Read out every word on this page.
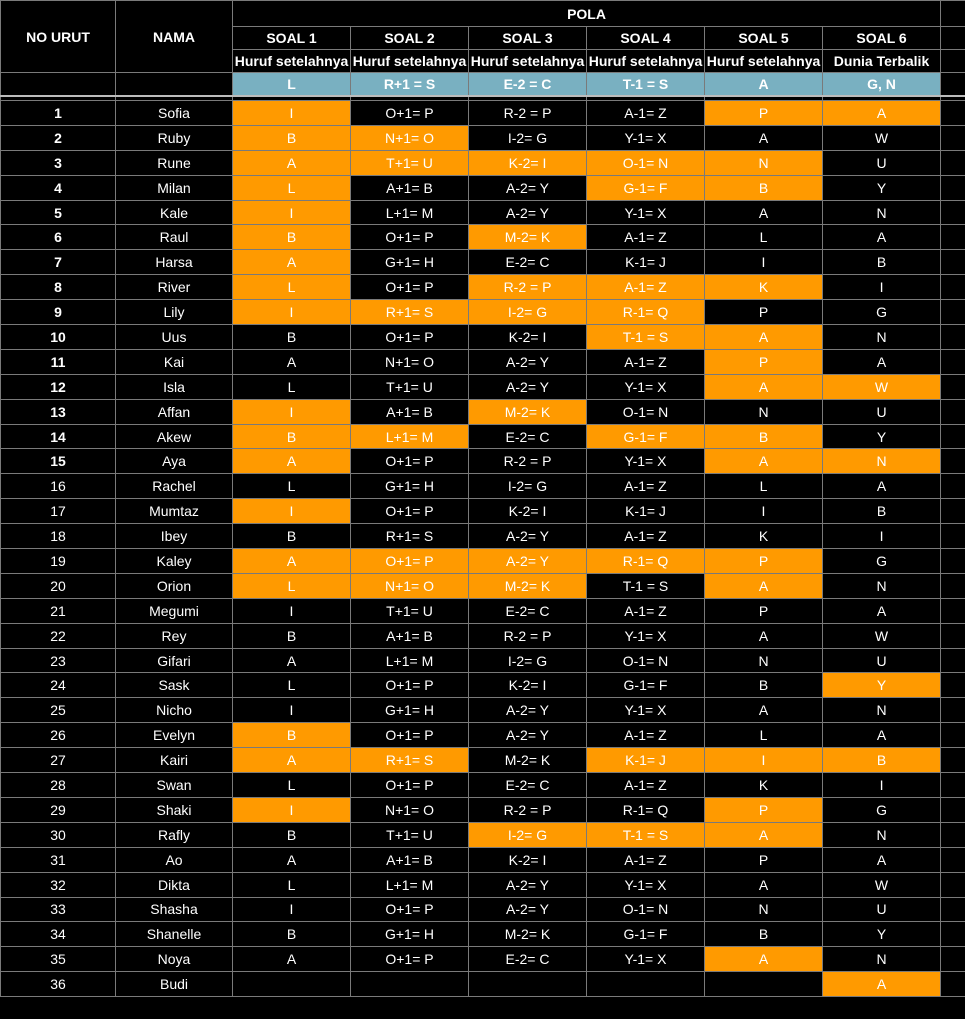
NO URUT	NAMA	POLA						
		SOAL 1	SOAL 2	SOAL 3	SOAL 4	SOAL 5	SOAL 6	
		Huruf setelahnya	Huruf setelahnya	Huruf setelahnya	Huruf setelahnya	Huruf setelahnya	Dunia Terbalik	
		L	R+1 = S	E-2 = C	T-1 = S	A	G, N	

1	Sofia	I	O+1= P	R-2 = P	A-1= Z	P	A	
2	Ruby	B	N+1= O	I-2= G	Y-1= X	A	W	
3	Rune	A	T+1= U	K-2= I	O-1= N	N	U	
4	Milan	L	A+1= B	A-2= Y	G-1= F	B	Y	
5	Kale	I	L+1= M	A-2= Y	Y-1= X	A	N	
6	Raul	B	O+1= P	M-2= K	A-1= Z	L	A	
7	Harsa	A	G+1= H	E-2= C	K-1= J	I	B	
8	River	L	O+1= P	R-2 = P	A-1= Z	K	I	
9	Lily	I	R+1= S	I-2= G	R-1= Q	P	G	
10	Uus	B	O+1= P	K-2= I	T-1 = S	A	N	
11	Kai	A	N+1= O	A-2= Y	A-1= Z	P	A	
12	Isla	L	T+1= U	A-2= Y	Y-1= X	A	W	
13	Affan	I	A+1= B	M-2= K	O-1= N	N	U	
14	Akew	B	L+1= M	E-2= C	G-1= F	B	Y	
15	Aya	A	O+1= P	R-2 = P	Y-1= X	A	N	
16	Rachel	L	G+1= H	I-2= G	A-1= Z	L	A	
17	Mumtaz	I	O+1= P	K-2= I	K-1= J	I	B	
18	Ibey	B	R+1= S	A-2= Y	A-1= Z	K	I	
19	Kaley	A	O+1= P	A-2= Y	R-1= Q	P	G	
20	Orion	L	N+1= O	M-2= K	T-1 = S	A	N	
21	Megumi	I	T+1= U	E-2= C	A-1= Z	P	A	
22	Rey	B	A+1= B	R-2 = P	Y-1= X	A	W	
23	Gifari	A	L+1= M	I-2= G	O-1= N	N	U	
24	Sask	L	O+1= P	K-2= I	G-1= F	B	Y	
25	Nicho	I	G+1= H	A-2= Y	Y-1= X	A	N	
26	Evelyn	B	O+1= P	A-2= Y	A-1= Z	L	A	
27	Kairi	A	R+1= S	M-2= K	K-1= J	I	B	
28	Swan	L	O+1= P	E-2= C	A-1= Z	K	I	
29	Shaki	I	N+1= O	R-2 = P	R-1= Q	P	G	
30	Rafly	B	T+1= U	I-2= G	T-1 = S	A	N	
31	Ao	A	A+1= B	K-2= I	A-1= Z	P	A	
32	Dikta	L	L+1= M	A-2= Y	Y-1= X	A	W	
33	Shasha	I	O+1= P	A-2= Y	O-1= N	N	U	
34	Shanelle	B	G+1= H	M-2= K	G-1= F	B	Y	
35	Noya	A	O+1= P	E-2= C	Y-1= X	A	N	
36	Budi						A	
